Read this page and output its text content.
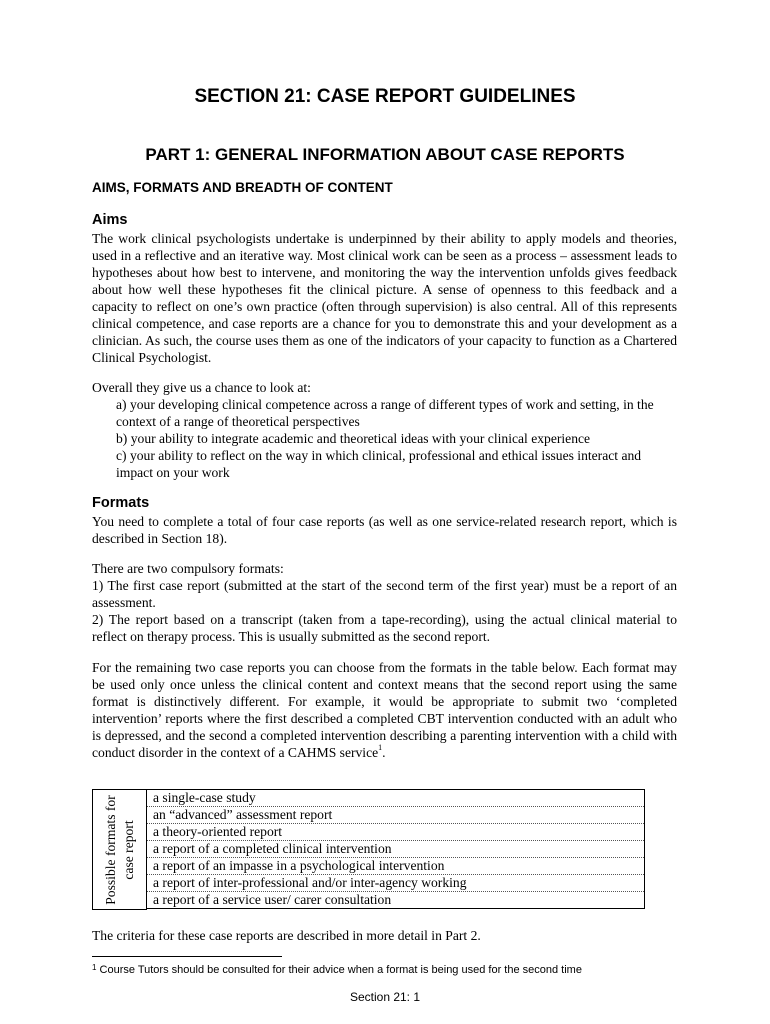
SECTION 21: CASE REPORT GUIDELINES
PART 1: GENERAL INFORMATION ABOUT CASE REPORTS
AIMS, FORMATS AND BREADTH OF CONTENT
Aims

The work clinical psychologists undertake is underpinned by their ability to apply models and theories, used in a reflective and an iterative way. Most clinical work can be seen as a process – assessment leads to hypotheses about how best to intervene, and monitoring the way the intervention unfolds gives feedback about how well these hypotheses fit the clinical picture. A sense of openness to this feedback and a capacity to reflect on one’s own practice (often through supervision) is also central. All of this represents clinical competence, and case reports are a chance for you to demonstrate this and your development as a clinician. As such, the course uses them as one of the indicators of your capacity to function as a Chartered Clinical Psychologist.

Overall they give us a chance to look at:
a) your developing clinical competence across a range of different types of work and setting, in the context of a range of theoretical perspectives
b) your ability to integrate academic and theoretical ideas with your clinical experience
c) your ability to reflect on the way in which clinical, professional and ethical issues interact and impact on your work
Formats
You need to complete a total of four case reports (as well as one service-related research report, which is described in Section 18).

There are two compulsory formats:

1) The first case report (submitted at the start of the second term of the first year) must be a report of an assessment.

2) The report based on a transcript (taken from a tape-recording), using the actual clinical material to reflect on therapy process. This is usually submitted as the second report.

For the remaining two case reports you can choose from the formats in the table below. Each format may be used only once unless the clinical content and context means that the second report using the same format is distinctively different. For example, it would be appropriate to submit two ‘completed intervention’ reports where the first described a completed CBT intervention conducted with an adult who is depressed, and the second a completed intervention describing a parenting intervention with a child with conduct disorder in the context of a CAHMS service$^1$.

Possible formats for case report
a single-case study
an “advanced” assessment report
a theory-oriented report
a report of a completed clinical intervention
a report of an impasse in a psychological intervention
a report of inter-professional and/or inter-agency working
a report of a service user/ carer consultation
The criteria for these case reports are described in more detail in Part 2.
$^1$ Course Tutors should be consulted for their advice when a format is being used for the second time
Section 21: 1
